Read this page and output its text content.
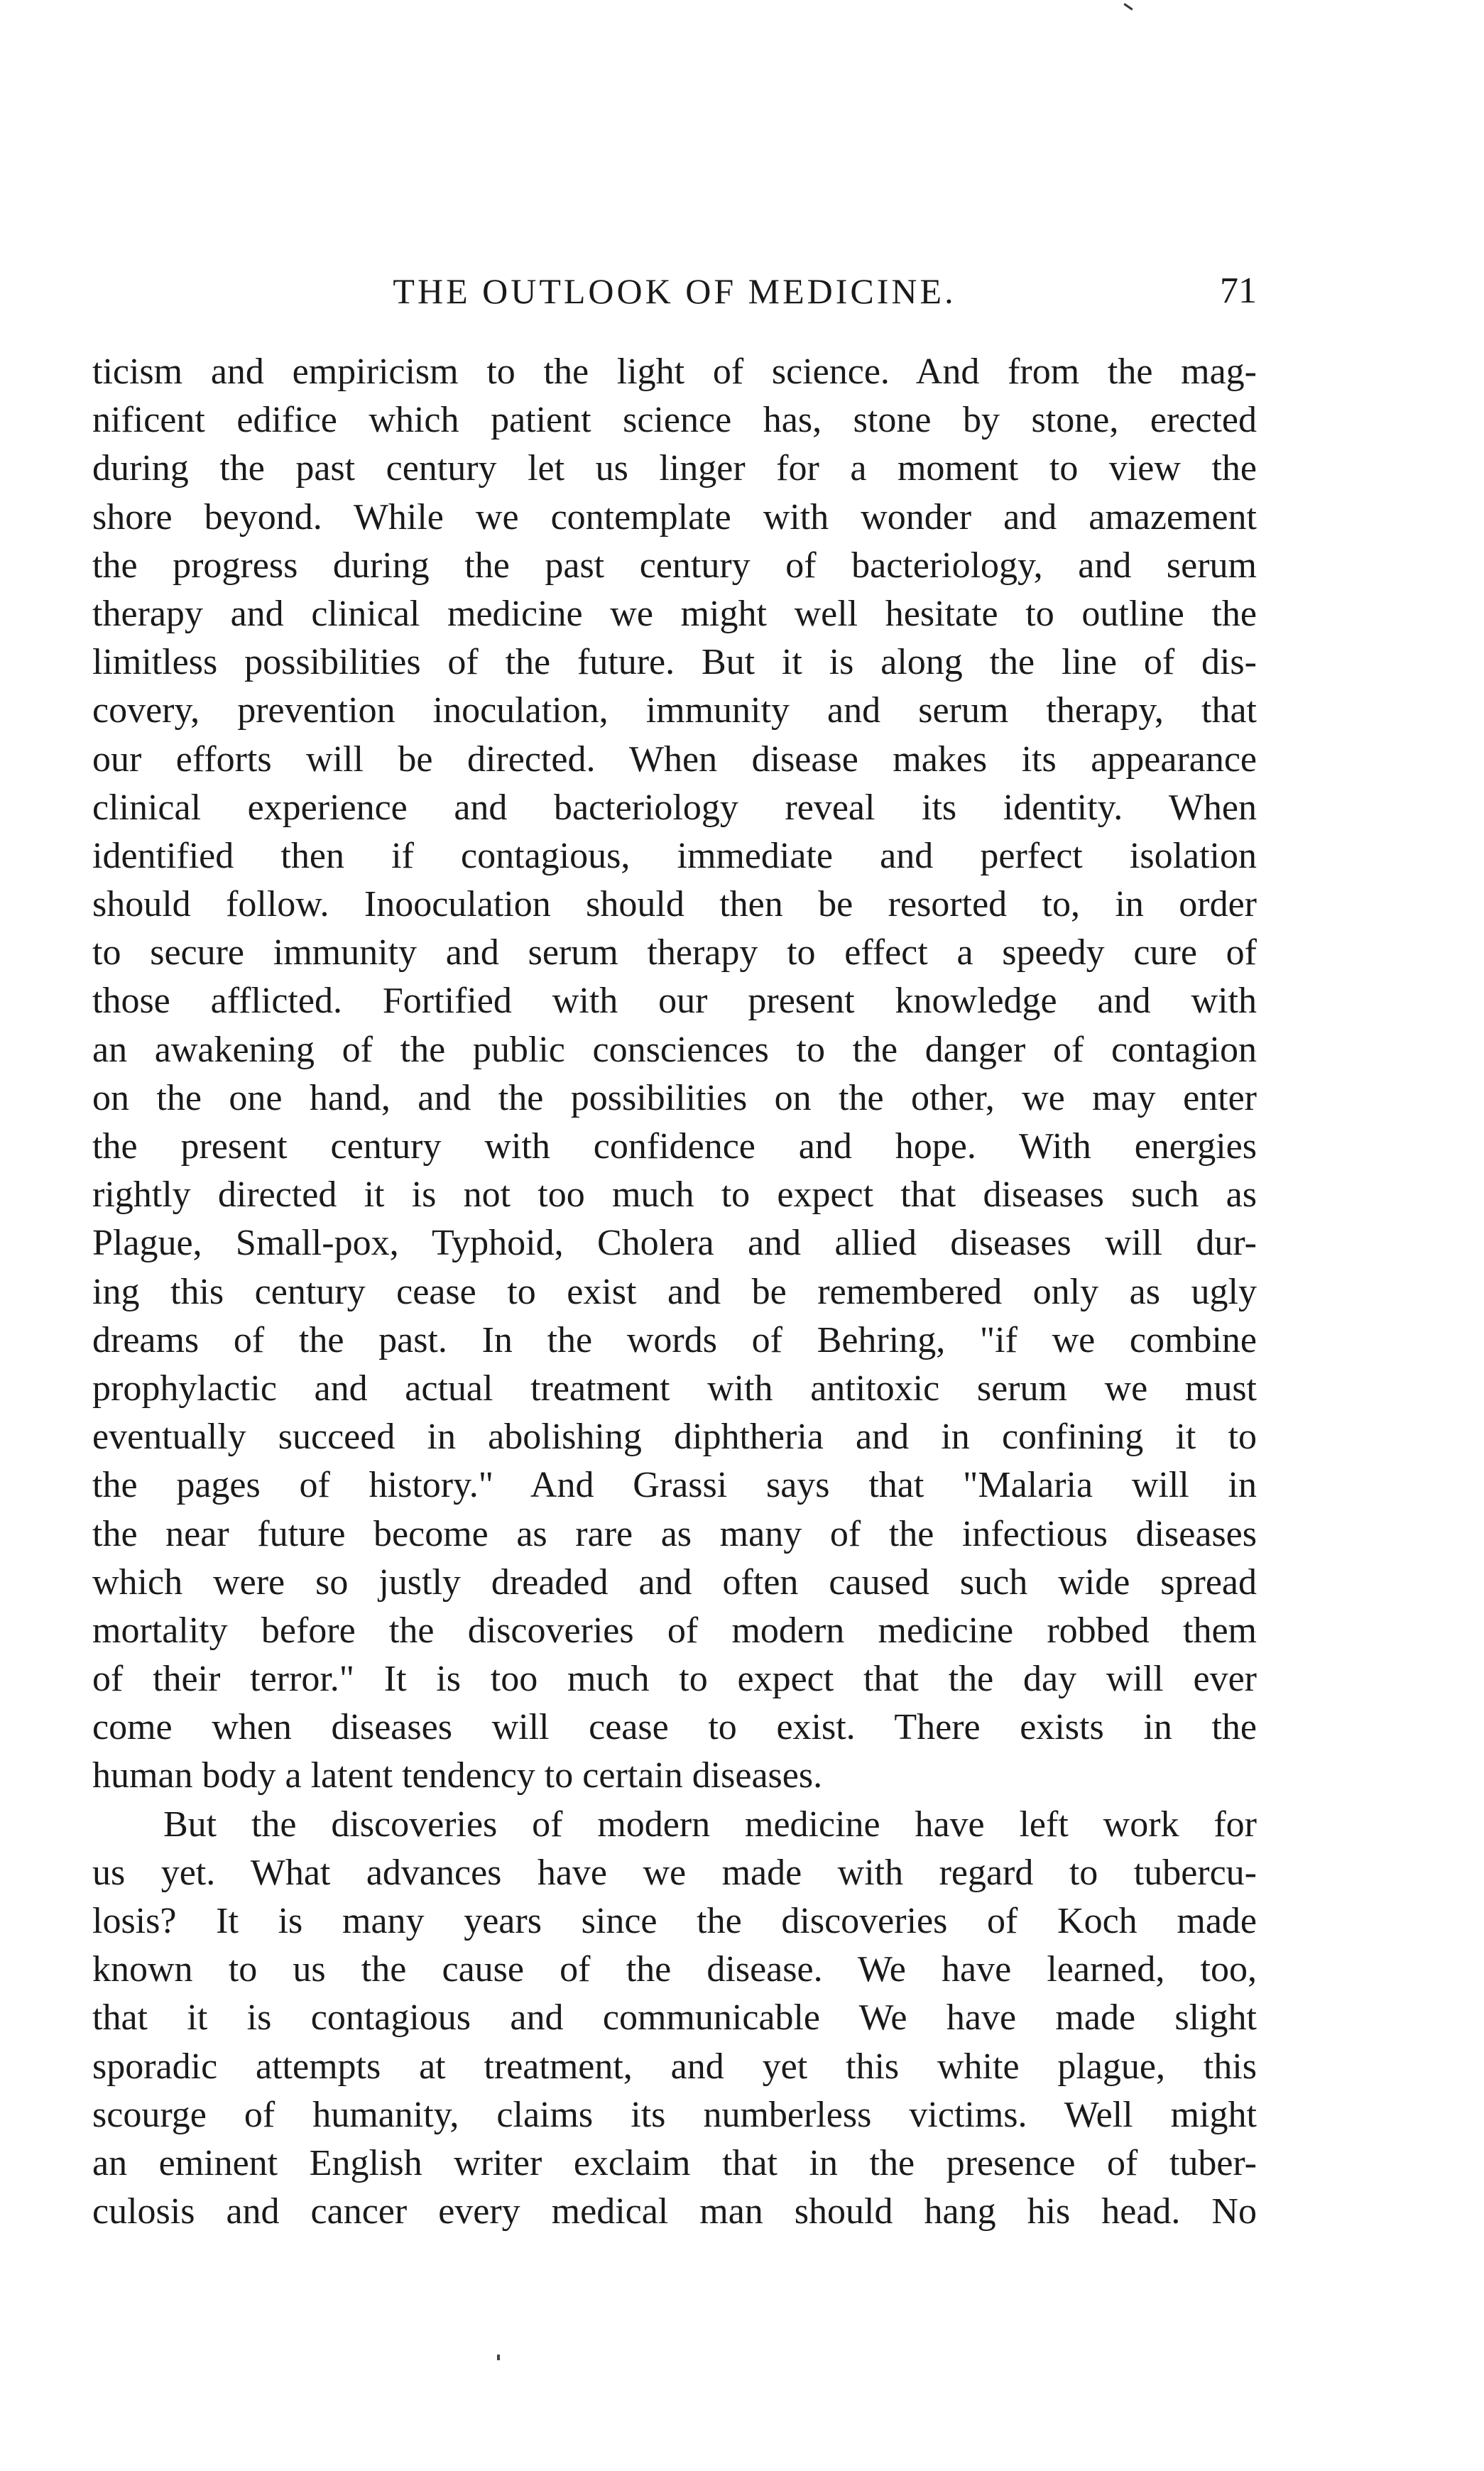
THE OUTLOOK OF MEDICINE.	71
ticism and empiricism to the light of science. And from the mag-
nificent edifice which patient science has, stone by stone, erected
during the past century let us linger for a moment to view the
shore beyond. While we contemplate with wonder and amazement
the progress during the past century of bacteriology, and serum
therapy and clinical medicine we might well hesitate to outline the
limitless possibilities of the future. But it is along the line of dis-
covery, prevention inoculation, immunity and serum therapy, that
our efforts will be directed. When disease makes its appearance
clinical experience and bacteriology reveal its identity. When
identified then if contagious, immediate and perfect isolation
should follow. Inooculation should then be resorted to, in order
to secure immunity and serum therapy to effect a speedy cure of
those afflicted. Fortified with our present knowledge and with
an awakening of the public consciences to the danger of contagion
on the one hand, and the possibilities on the other, we may enter
the present century with confidence and hope. With energies
rightly directed it is not too much to expect that diseases such as
Plague, Small-pox, Typhoid, Cholera and allied diseases will dur-
ing this century cease to exist and be remembered only as ugly
dreams of the past. In the words of Behring, "if we combine
prophylactic and actual treatment with antitoxic serum we must
eventually succeed in abolishing diphtheria and in confining it to
the pages of history." And Grassi says that "Malaria will in
the near future become as rare as many of the infectious diseases
which were so justly dreaded and often caused such wide spread
mortality before the discoveries of modern medicine robbed them
of their terror." It is too much to expect that the day will ever
come when diseases will cease to exist. There exists in the
human body a latent tendency to certain diseases.
But the discoveries of modern medicine have left work for
us yet. What advances have we made with regard to tubercu-
losis? It is many years since the discoveries of Koch made
known to us the cause of the disease. We have learned, too,
that it is contagious and communicable We have made slight
sporadic attempts at treatment, and yet this white plague, this
scourge of humanity, claims its numberless victims. Well might
an eminent English writer exclaim that in the presence of tuber-
culosis and cancer every medical man should hang his head. No
